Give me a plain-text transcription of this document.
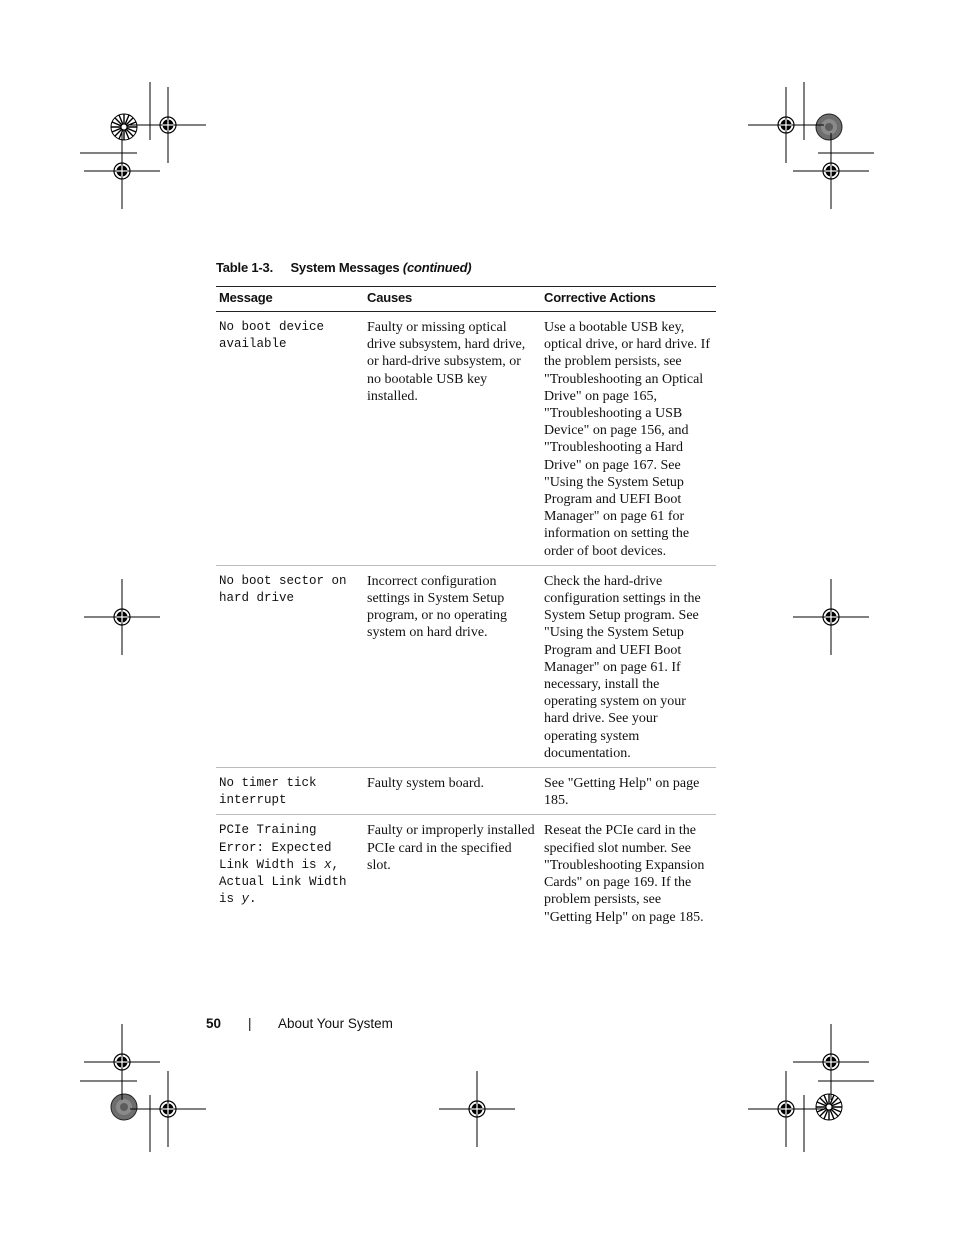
Table 1-3. System Messages (continued)
Message	Causes	Corrective Actions
No boot device
available	Faulty or missing optical drive subsystem, hard drive, or hard-drive subsystem, or no bootable USB key installed.	Use a bootable USB key, optical drive, or hard drive. If the problem persists, see "Troubleshooting an Optical Drive" on page 165, "Troubleshooting a USB Device" on page 156, and "Troubleshooting a Hard Drive" on page 167. See "Using the System Setup Program and UEFI Boot Manager" on page 61 for information on setting the order of boot devices.
No boot sector on
hard drive	Incorrect configuration settings in System Setup program, or no operating system on hard drive.	Check the hard-drive configuration settings in the System Setup program. See "Using the System Setup Program and UEFI Boot Manager" on page 61. If necessary, install the operating system on your hard drive. See your operating system documentation.
No timer tick
interrupt	Faulty system board.	See "Getting Help" on page 185.
PCIe Training
Error: Expected
Link Width is x,
Actual Link Width
is y.	Faulty or improperly installed PCIe card in the specified slot.	Reseat the PCIe card in the specified slot number. See "Troubleshooting Expansion Cards" on page 169. If the problem persists, see "Getting Help" on page 185.
50 | About Your System
